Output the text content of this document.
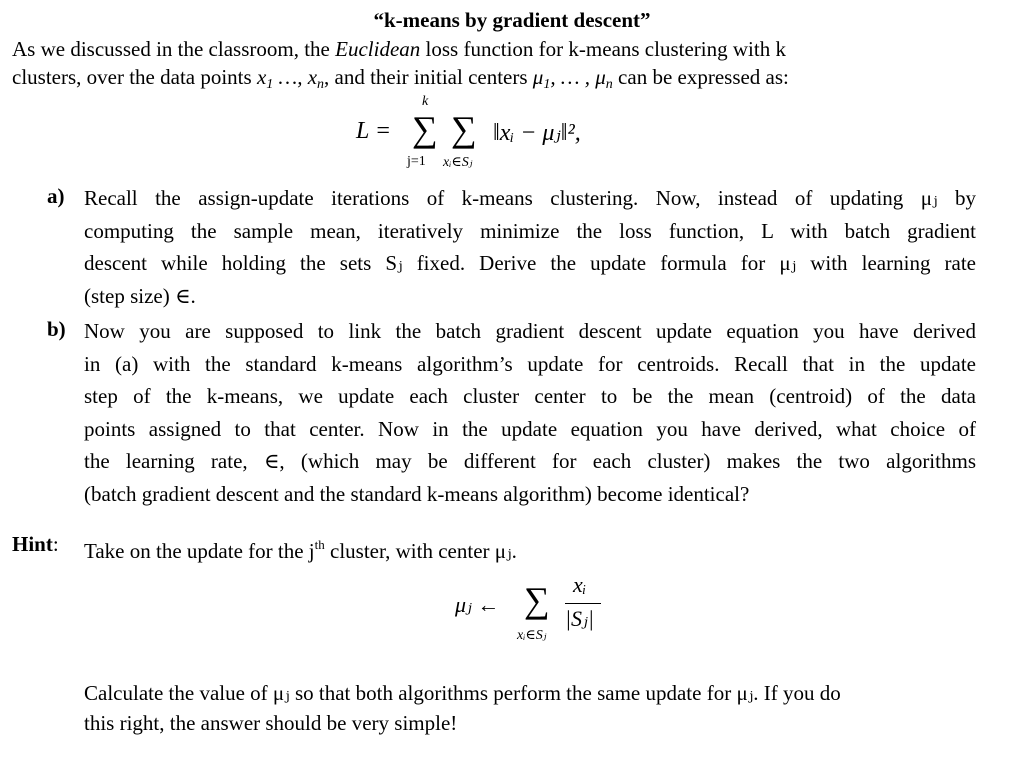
“k-means by gradient descent”
As we discussed in the classroom, the Euclidean loss function for k-means clustering with k
clusters, over the data points $x_1$ …, $x_n$, and their initial centers $\mu_1$, … , $\mu_n$ can be expressed as:
L =
k
∑
j=1
∑
xᵢ∈Sⱼ
‖xᵢ − μⱼ‖²,
a) Recall the assign-update iterations of k-means clustering. Now, instead of updating μⱼ by
computing the sample mean, iteratively minimize the loss function, L with batch gradient
descent while holding the sets Sⱼ fixed. Derive the update formula for μⱼ with learning rate
(step size) ∈.
b) Now you are supposed to link the batch gradient descent update equation you have derived
in (a) with the standard k-means algorithm’s update for centroids. Recall that in the update
step of the k-means, we update each cluster center to be the mean (centroid) of the data
points assigned to that center. Now in the update equation you have derived, what choice of
the learning rate, ∈, (which may be different for each cluster) makes the two algorithms
(batch gradient descent and the standard k-means algorithm) become identical?
Hint: Take on the update for the $j^{th}$ cluster, with center μⱼ.
μⱼ ← ∑
xᵢ∈Sⱼ
xᵢ
|Sⱼ|
Calculate the value of μⱼ so that both algorithms perform the same update for μⱼ. If you do
this right, the answer should be very simple!
